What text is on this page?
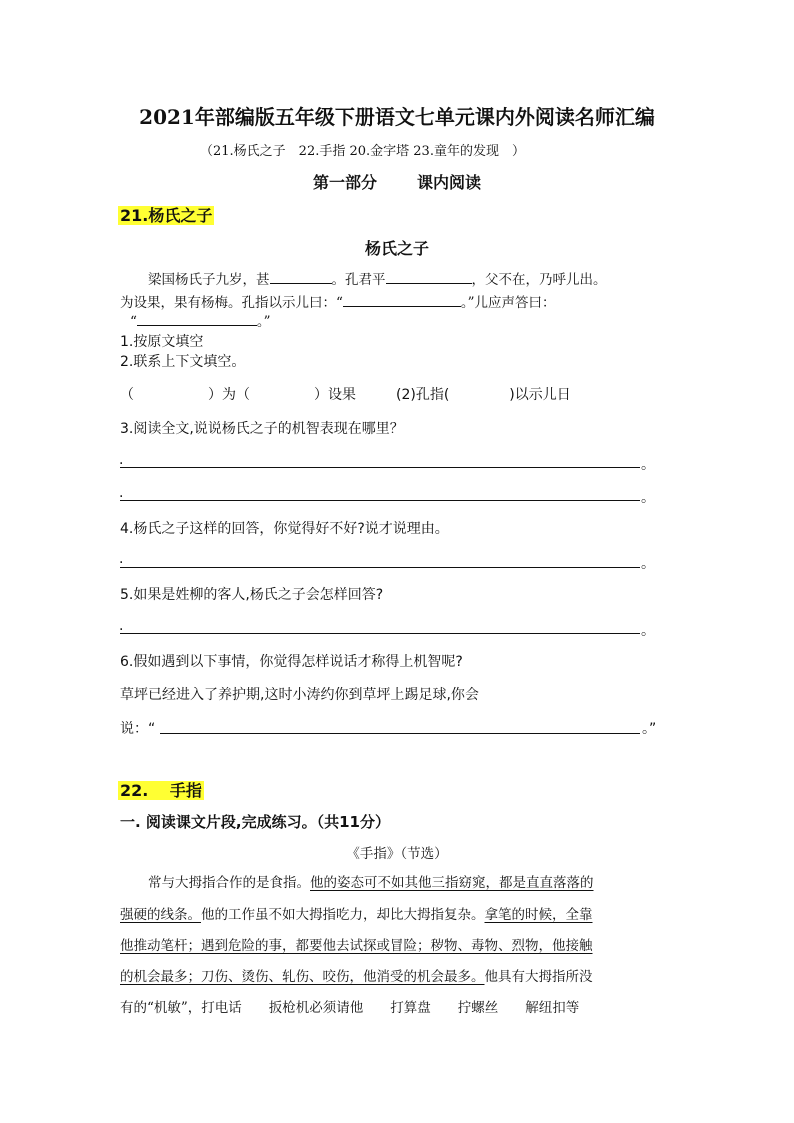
2021年部编版五年级下册语文七单元课内外阅读名师汇编
（21.杨氏之子　22.手指 20.金字塔 23.童年的发现　）
第一部分	课内阅读
21.杨氏之子
杨氏之子
梁国杨氏子九岁，甚	。孔君平	，父不在，乃呼儿出。
为设果，果有杨梅。孔指以示儿曰：“	。”儿应声答曰：
“	。”
1.按原文填空
2.联系上下文填空。
（	）为（	）设果	(2)孔指(	)以示儿日
3.阅读全文,说说杨氏之子的机智表现在哪里？
.	。
.	。
4.杨氏之子这样的回答，你觉得好不好?说才说理由。
.	。
5.如果是姓柳的客人,杨氏之子会怎样回答?
.	。
6.假如遇到以下事情，你觉得怎样说话才称得上机智呢?
草坪已经进入了养护期,这时小涛约你到草坪上踢足球,你会
说：“	。”
22.　 手指
一. 阅读课文片段,完成练习。（共11分）
《手指》（节选）
常与大拇指合作的是食指。他的姿态可不如其他三指窈窕，都是直直落落的
强硬的线条。他的工作虽不如大拇指吃力，却比大拇指复杂。拿笔的时候，全靠
他推动笔杆；遇到危险的事，都要他去试探或冒险；秽物、毒物、烈物，他接触
的机会最多；刀伤、烫伤、轧伤、咬伤，他消受的机会最多。他具有大拇指所没
有的“机敏”，打电话　　扳枪机必须请他　　打算盘　　拧螺丝　　解纽扣等
